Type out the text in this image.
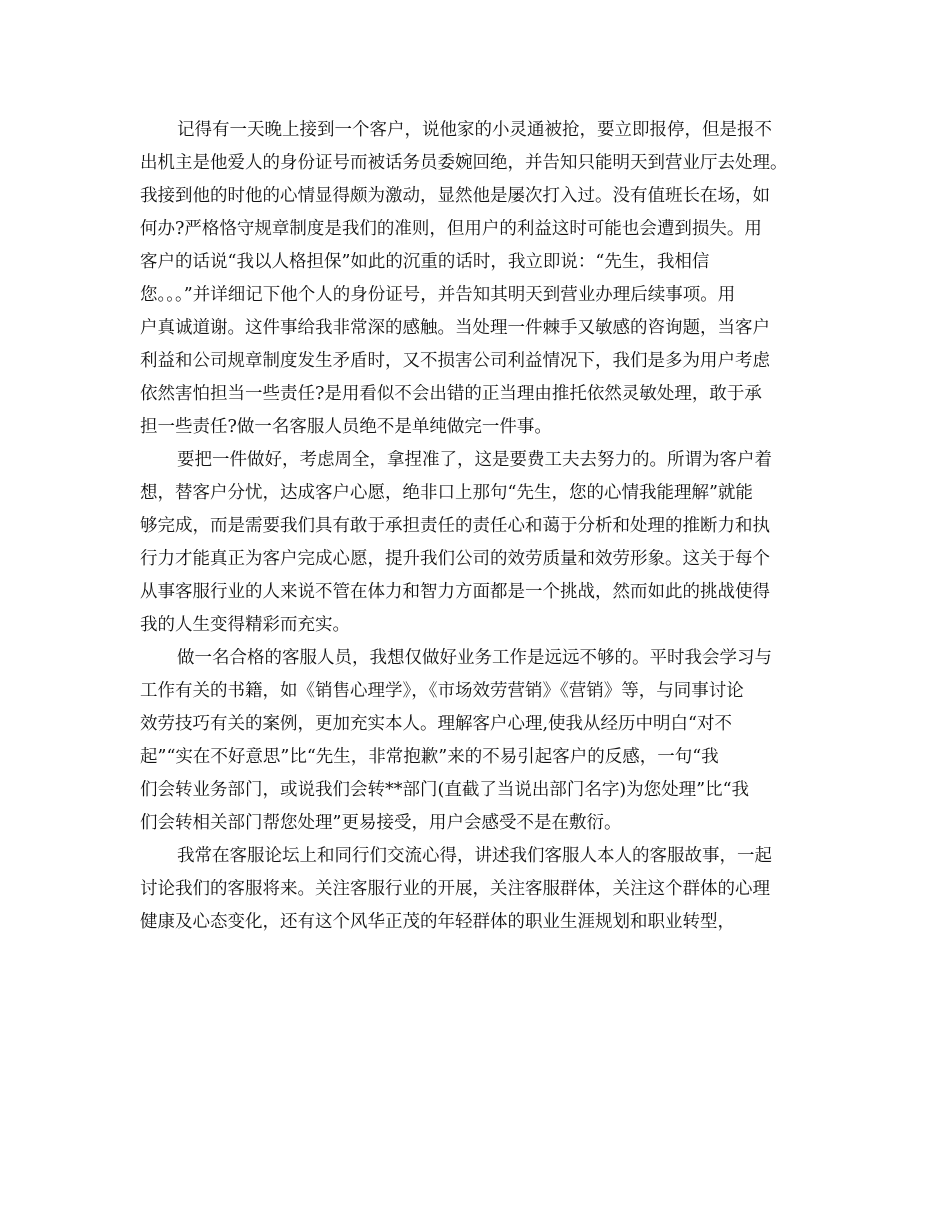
记得有一天晚上接到一个客户，说他家的小灵通被抢，要立即报停，但是报不
出机主是他爱人的身份证号而被话务员委婉回绝，并告知只能明天到营业厅去处理。
我接到他的时他的心情显得颇为激动，显然他是屡次打入过。没有值班长在场，如
何办?严格恪守规章制度是我们的准则，但用户的利益这时可能也会遭到损失。用
客户的话说“我以人格担保”如此的沉重的话时，我立即说：“先生，我相信
您。。。”并详细记下他个人的身份证号，并告知其明天到营业办理后续事项。用
户真诚道谢。这件事给我非常深的感触。当处理一件棘手又敏感的咨询题，当客户
利益和公司规章制度发生矛盾时，又不损害公司利益情况下，我们是多为用户考虑
依然害怕担当一些责任?是用看似不会出错的正当理由推托依然灵敏处理，敢于承
担一些责任?做一名客服人员绝不是单纯做完一件事。
要把一件做好，考虑周全，拿捏准了，这是要费工夫去努力的。所谓为客户着
想，替客户分忧，达成客户心愿，绝非口上那句“先生，您的心情我能理解”就能
够完成，而是需要我们具有敢于承担责任的责任心和蔼于分析和处理的推断力和执
行力才能真正为客户完成心愿，提升我们公司的效劳质量和效劳形象。这关于每个
从事客服行业的人来说不管在体力和智力方面都是一个挑战，然而如此的挑战使得
我的人生变得精彩而充实。
做一名合格的客服人员，我想仅做好业务工作是远远不够的。平时我会学习与
工作有关的书籍，如《销售心理学》，《市场效劳营销》《营销》等，与同事讨论
效劳技巧有关的案例，更加充实本人。理解客户心理,使我从经历中明白“对不
起”“实在不好意思”比“先生，非常抱歉”来的不易引起客户的反感，一句“我
们会转业务部门，或说我们会转**部门(直截了当说出部门名字)为您处理”比“我
们会转相关部门帮您处理”更易接受，用户会感受不是在敷衍。
我常在客服论坛上和同行们交流心得，讲述我们客服人本人的客服故事，一起
讨论我们的客服将来。关注客服行业的开展，关注客服群体，关注这个群体的心理
健康及心态变化，还有这个风华正茂的年轻群体的职业生涯规划和职业转型，
